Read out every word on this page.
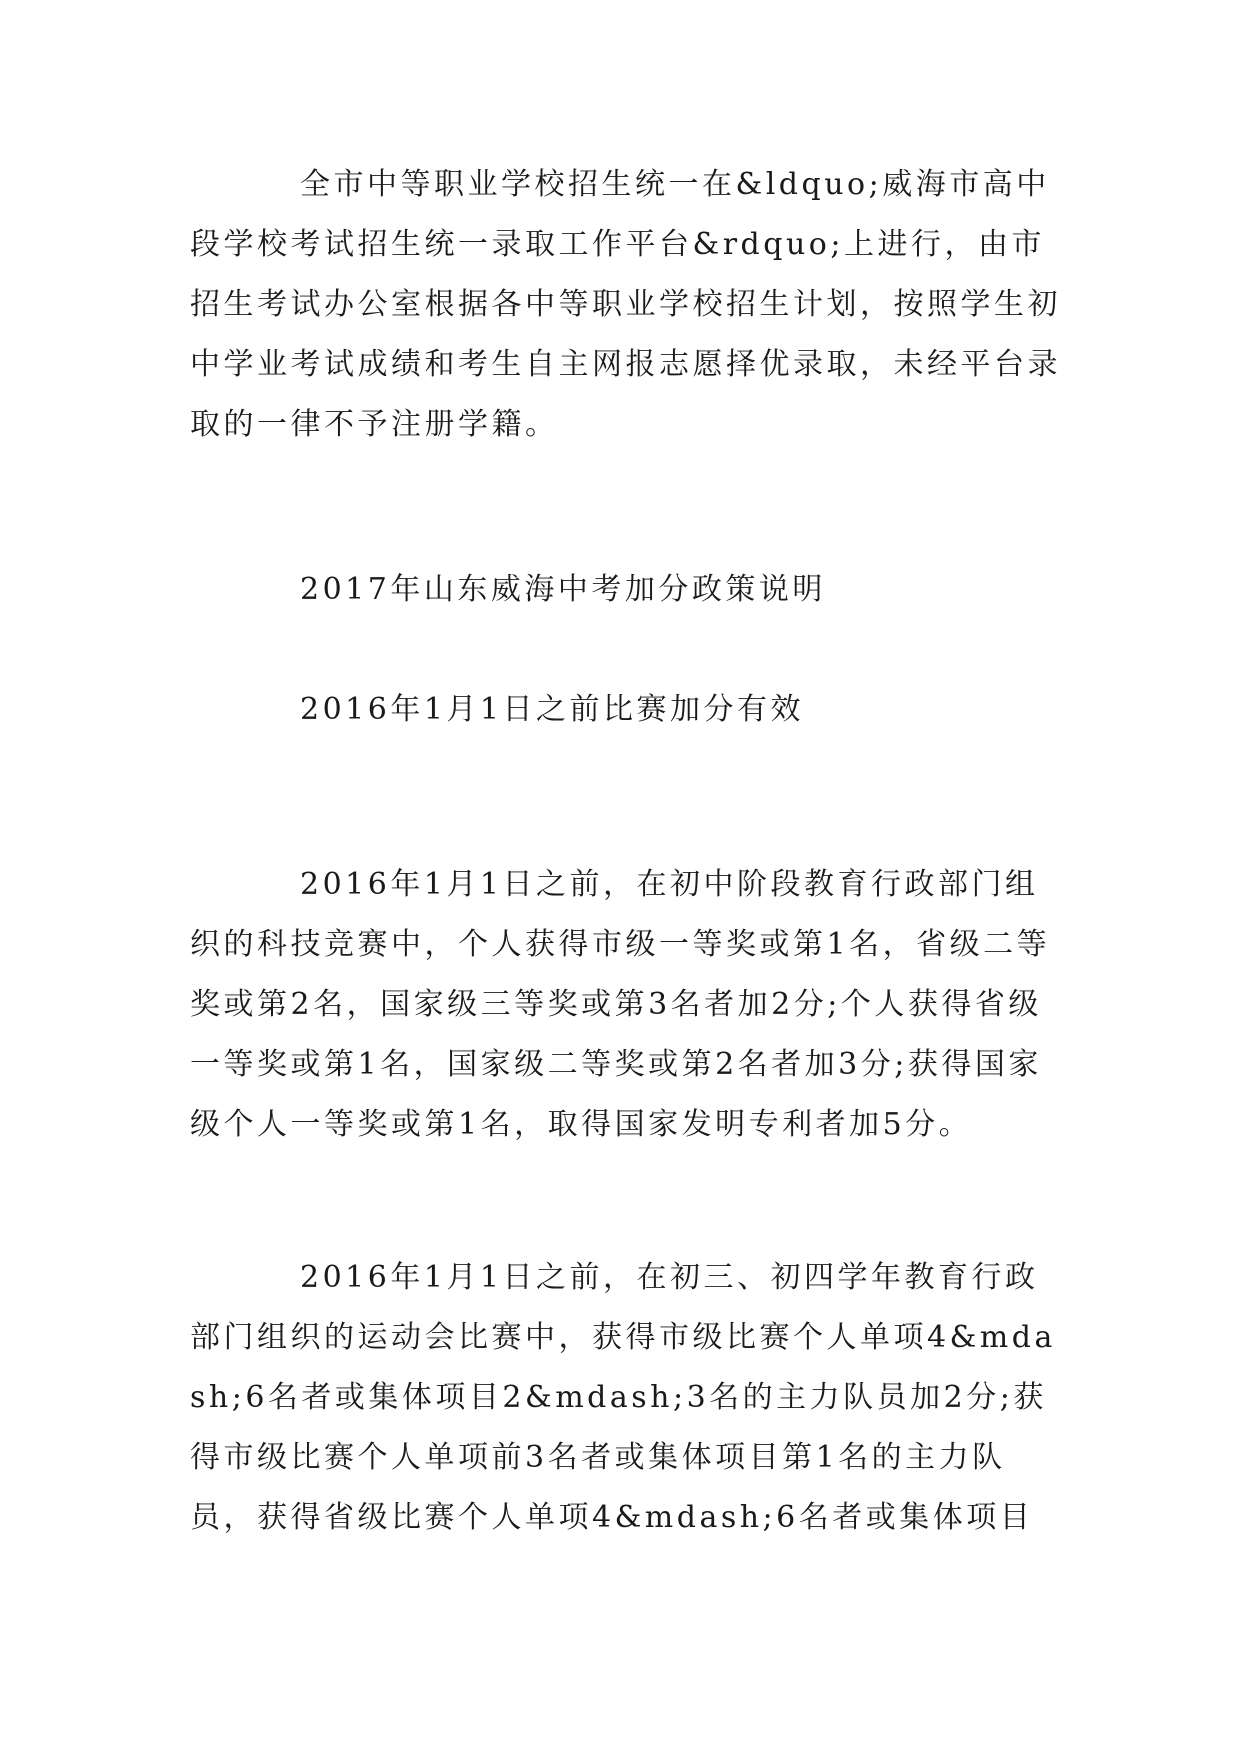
全市中等职业学校招生统一在&ldquo;威海市高中段学校考试招生统一录取工作平台&rdquo;上进行，由市招生考试办公室根据各中等职业学校招生计划，按照学生初中学业考试成绩和考生自主网报志愿择优录取，未经平台录取的一律不予注册学籍。

2017年山东威海中考加分政策说明

2016年1月1日之前比赛加分有效

2016年1月1日之前，在初中阶段教育行政部门组织的科技竞赛中，个人获得市级一等奖或第1名，省级二等奖或第2名，国家级三等奖或第3名者加2分;个人获得省级一等奖或第1名，国家级二等奖或第2名者加3分;获得国家级个人一等奖或第1名，取得国家发明专利者加5分。

2016年1月1日之前，在初三、初四学年教育行政部门组织的运动会比赛中，获得市级比赛个人单项4&mdash;6名者或集体项目2&mdash;3名的主力队员加2分;获得市级比赛个人单项前3名者或集体项目第1名的主力队员，获得省级比赛个人单项4&mdash;6名者或集体项目
